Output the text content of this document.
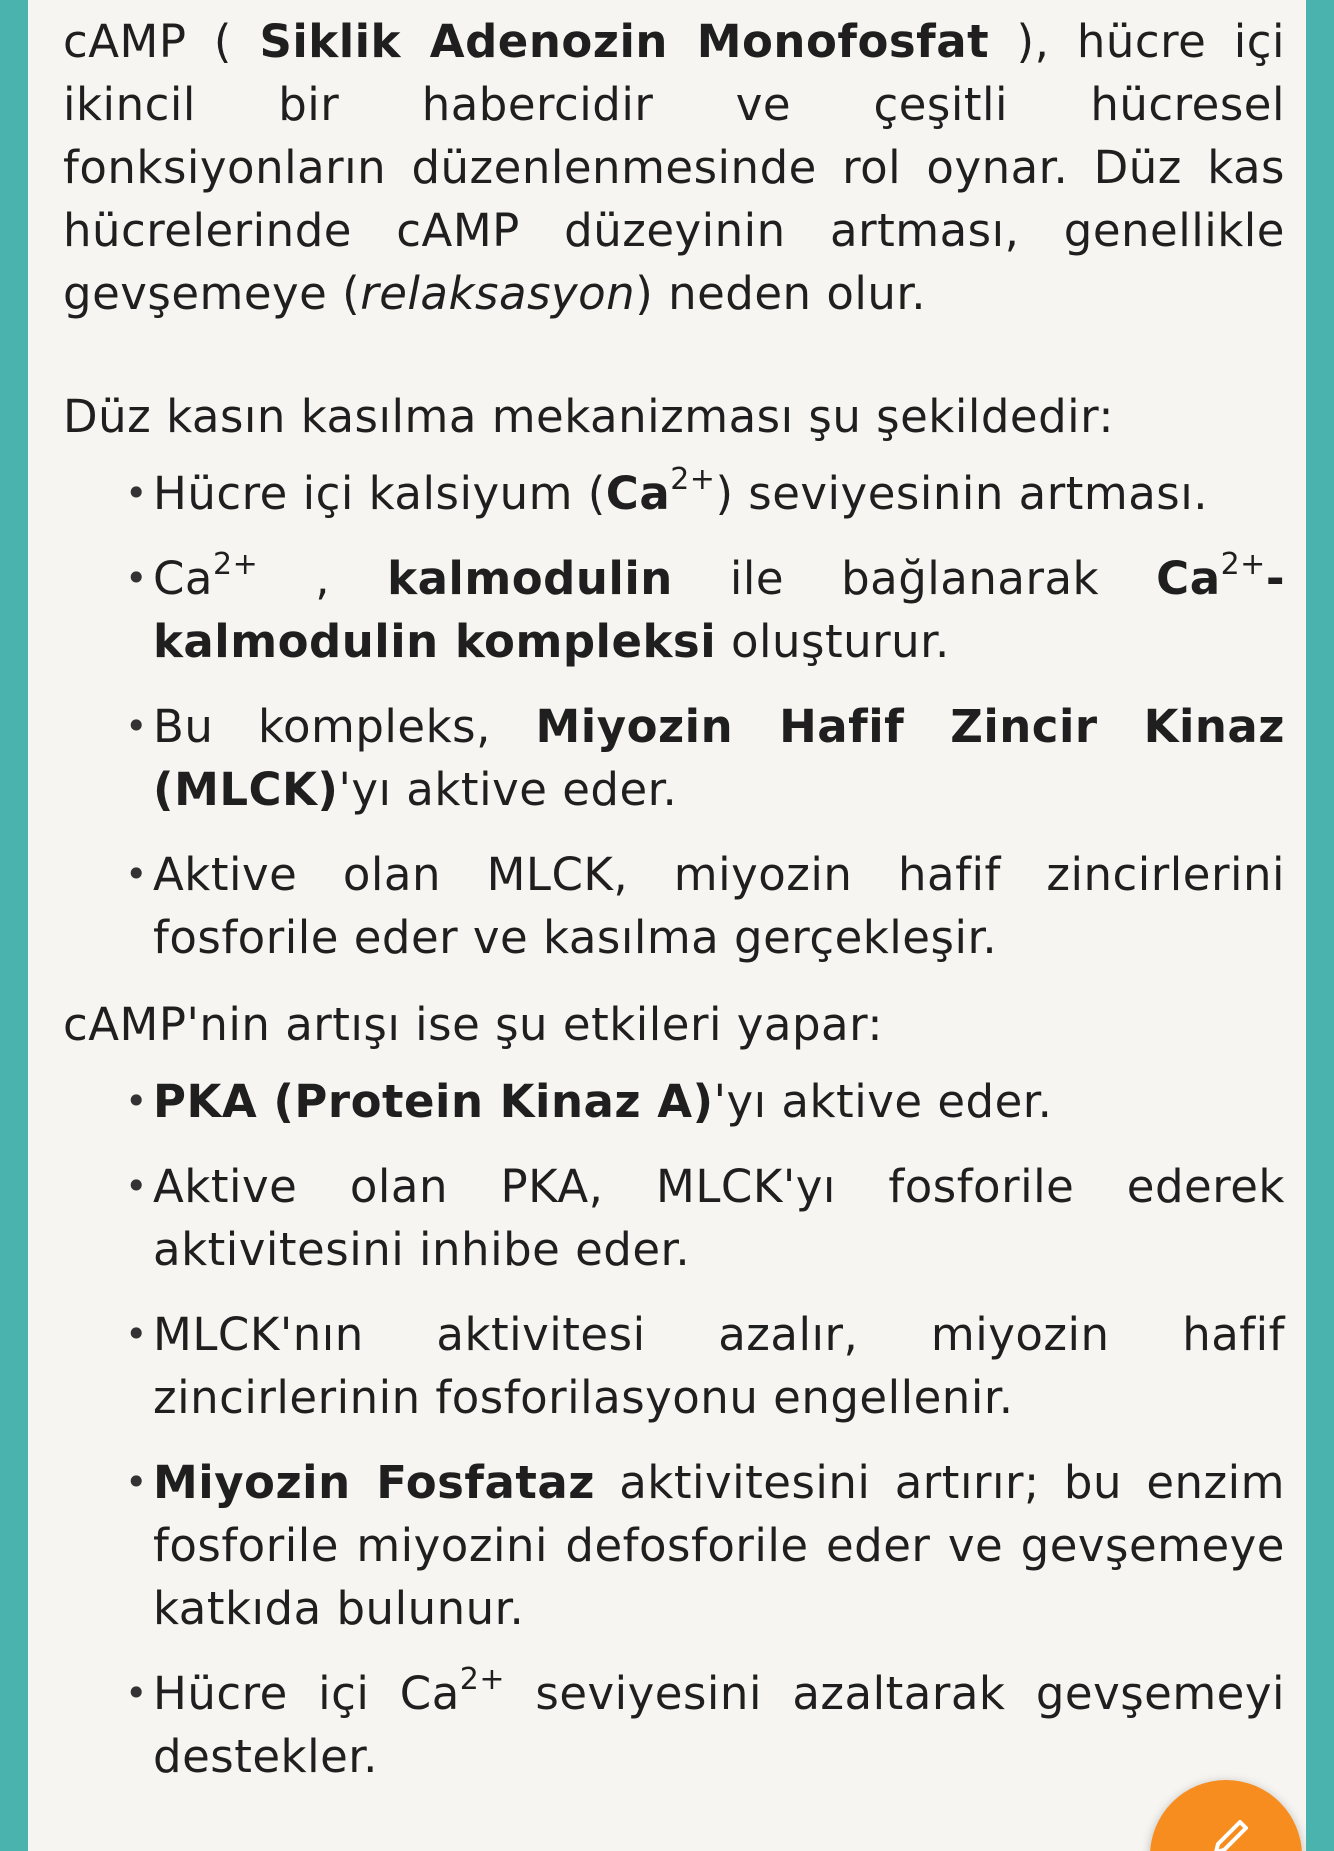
cAMP ( Siklik Adenozin Monofosfat ), hücre içi ikincil bir habercidir ve çeşitli hücresel fonksiyonların düzenlenmesinde rol oynar. Düz kas hücrelerinde cAMP düzeyinin artması, genellikle gevşemeye (relaksasyon) neden olur.

Düz kasın kasılma mekanizması şu şekildedir:

• Hücre içi kalsiyum $(Ca^{2+})$ seviyesinin artması.
• $Ca^{2+}$ , kalmodulin ile bağlanarak $Ca^{2+}$-kalmodulin kompleksi oluşturur.
• Bu kompleks, Miyozin Hafif Zincir Kinaz (MLCK)'yı aktive eder.
• Aktive olan MLCK, miyozin hafif zincirlerini fosforile eder ve kasılma gerçekleşir.

cAMP'nin artışı ise şu etkileri yapar:

• PKA (Protein Kinaz A)'yı aktive eder.
• Aktive olan PKA, MLCK'yı fosforile ederek aktivitesini inhibe eder.
• MLCK'nın aktivitesi azalır, miyozin hafif zincirlerinin fosforilasyonu engellenir.
• Miyozin Fosfataz aktivitesini artırır; bu enzim fosforile miyozini defosforile eder ve gevşemeye katkıda bulunur.
• Hücre içi $Ca^{2+}$ seviyesini azaltarak gevşemeyi destekler.
